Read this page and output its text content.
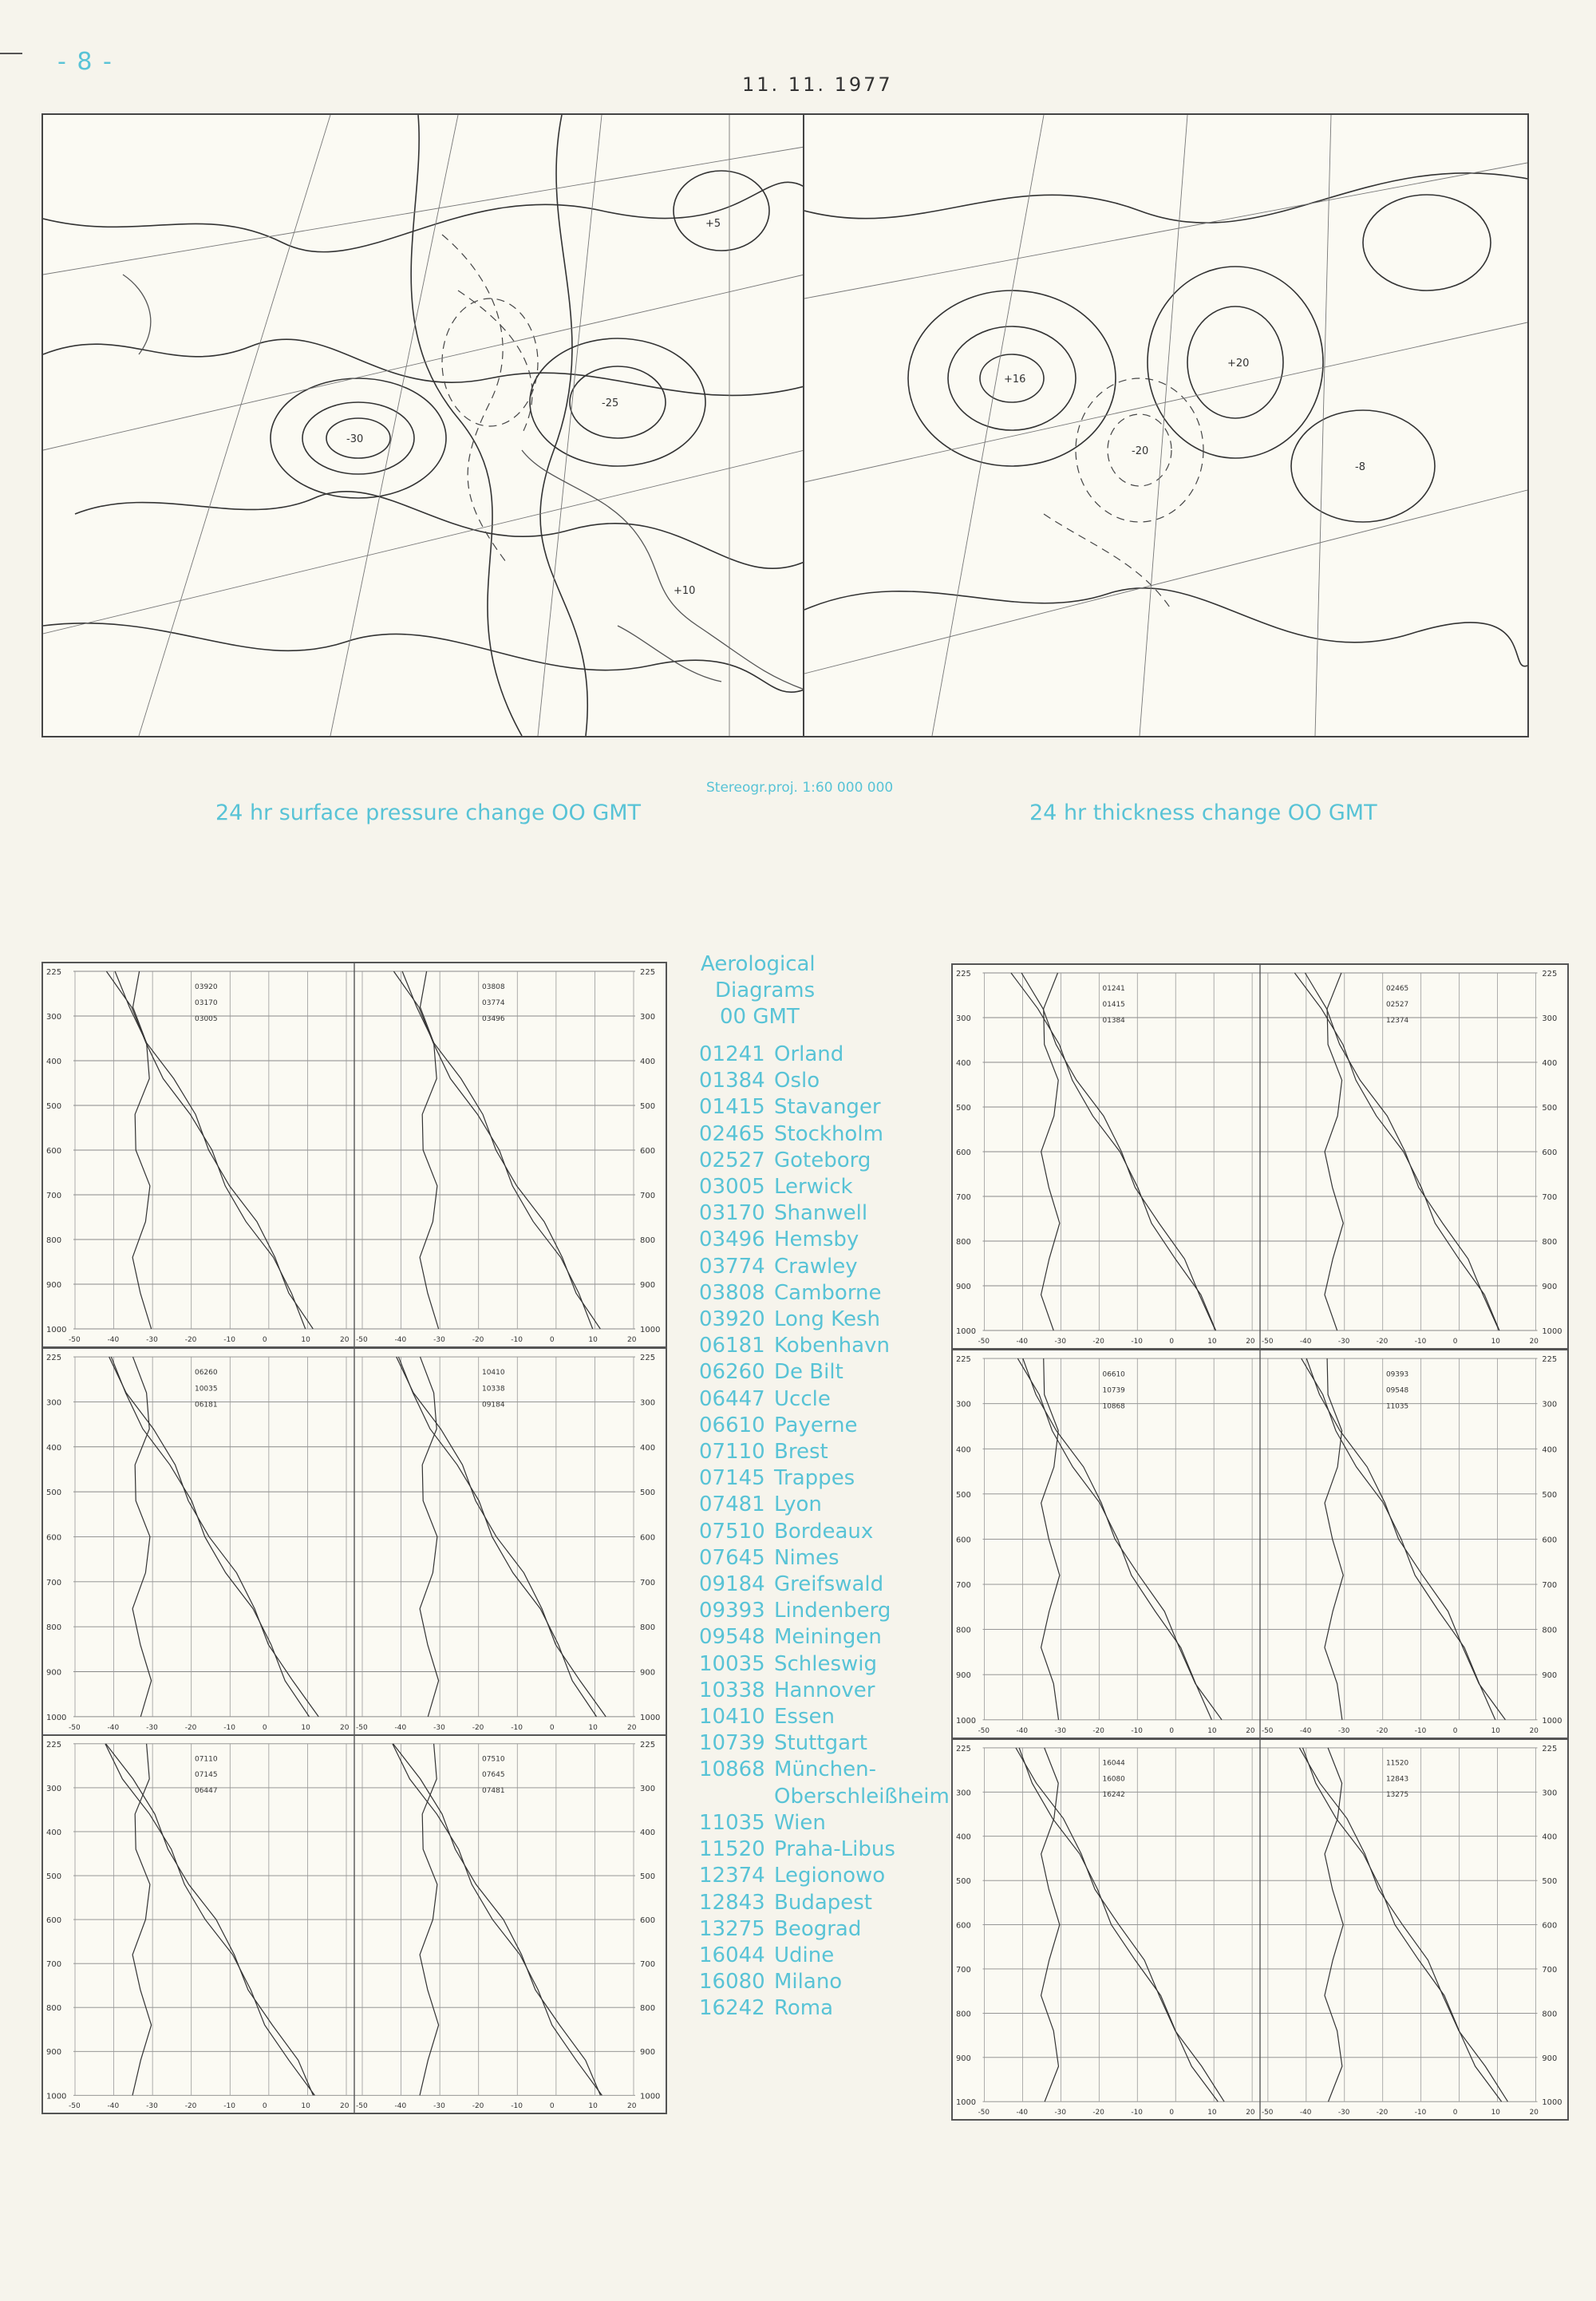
- 8 -
11. 11. 1977
-30
-25
+10
+5
+16
-20
+20
-8
Stereogr.proj. 1:60 000 000
24 hr surface pressure change OO GMT	24 hr thickness change OO GMT
225	225
300	300
400	400
500	500
600	600
700	700
800	800
900	900
1000	1000
-50	-40	-30	-20	-10	0	10	20
03920
03170
03005
-50	-40	-30	-20	-10	0	10	20
03808
03774
03496
225	225
300	300
400	400
500	500
600	600
700	700
800	800
900	900
1000	1000
-50	-40	-30	-20	-10	0	10	20
06260
10035
06181
-50	-40	-30	-20	-10	0	10	20
10410
10338
09184
225	225
300	300
400	400
500	500
600	600
700	700
800	800
900	900
1000	1000
-50	-40	-30	-20	-10	0	10	20
07110
07145
06447
-50	-40	-30	-20	-10	0	10	20
07510
07645
07481
225	225
300	300
400	400
500	500
600	600
700	700
800	800
900	900
1000	1000
-50	-40	-30	-20	-10	0	10	20
01241
01415
01384
-50	-40	-30	-20	-10	0	10	20
02465
02527
12374
225	225
300	300
400	400
500	500
600	600
700	700
800	800
900	900
1000	1000
-50	-40	-30	-20	-10	0	10	20
06610
10739
10868
-50	-40	-30	-20	-10	0	10	20
09393
09548
11035
225	225
300	300
400	400
500	500
600	600
700	700
800	800
900	900
1000	1000
-50	-40	-30	-20	-10	0	10	20
16044
16080
16242
-50	-40	-30	-20	-10	0	10	20
11520
12843
13275
Aerological
Diagrams
00 GMT
01241 Orland
01384 Oslo
01415 Stavanger
02465 Stockholm
02527 Goteborg
03005 Lerwick
03170 Shanwell
03496 Hemsby
03774 Crawley
03808 Camborne
03920 Long Kesh
06181 Kobenhavn
06260 De Bilt
06447 Uccle
06610 Payerne
07110 Brest
07145 Trappes
07481 Lyon
07510 Bordeaux
07645 Nimes
09184 Greifswald
09393 Lindenberg
09548 Meiningen
10035 Schleswig
10338 Hannover
10410 Essen
10739 Stuttgart
10868 München-
Oberschleißheim
11035 Wien
11520 Praha-Libus
12374 Legionowo
12843 Budapest
13275 Beograd
16044 Udine
16080 Milano
16242 Roma
